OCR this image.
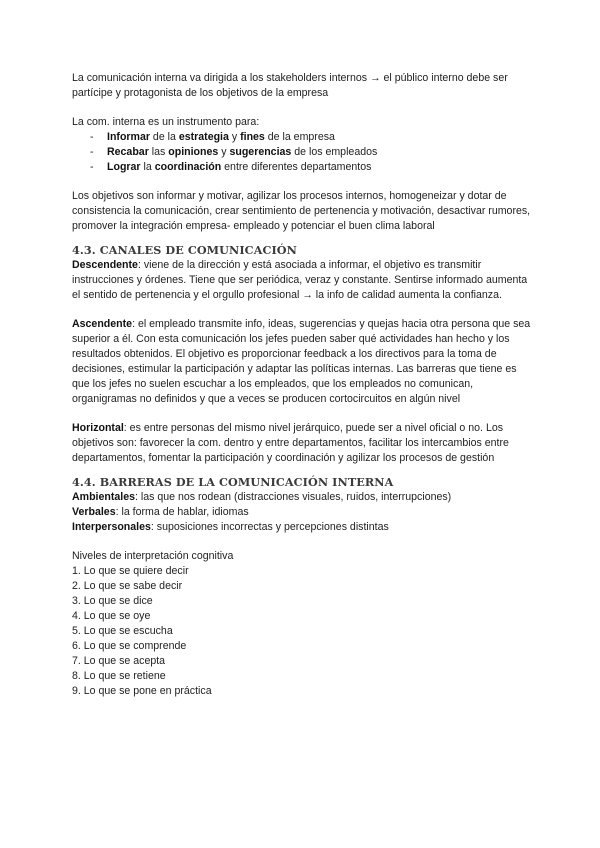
La comunicación interna va dirigida a los stakeholders internos → el público interno debe ser partícipe y protagonista de los objetivos de la empresa

La com. interna es un instrumento para:

- Informar de la estrategia y fines de la empresa
- Recabar las opiniones y sugerencias de los empleados
- Lograr la coordinación entre diferentes departamentos

Los objetivos son informar y motivar, agilizar los procesos internos, homogeneizar y dotar de consistencia la comunicación, crear sentimiento de pertenencia y motivación, desactivar rumores, promover la integración empresa- empleado y potenciar el buen clima laboral

4.3. CANALES DE COMUNICACIÓN

Descendente: viene de la dirección y está asociada a informar, el objetivo es transmitir instrucciones y órdenes. Tiene que ser periódica, veraz y constante. Sentirse informado aumenta el sentido de pertenencia y el orgullo profesional → la info de calidad aumenta la confianza.

Ascendente: el empleado transmite info, ideas, sugerencias y quejas hacia otra persona que sea superior a él. Con esta comunicación los jefes pueden saber qué actividades han hecho y los resultados obtenidos. El objetivo es proporcionar feedback a los directivos para la toma de decisiones, estimular la participación y adaptar las políticas internas. Las barreras que tiene es que los jefes no suelen escuchar a los empleados, que los empleados no comunican, organigramas no definidos y que a veces se producen cortocircuitos en algún nivel

Horizontal: es entre personas del mismo nivel jerárquico, puede ser a nivel oficial o no. Los objetivos son: favorecer la com. dentro y entre departamentos, facilitar los intercambios entre departamentos, fomentar la participación y coordinación y agilizar los procesos de gestión

4.4. BARRERAS DE LA COMUNICACIÓN INTERNA

Ambientales: las que nos rodean (distracciones visuales, ruidos, interrupciones)

Verbales: la forma de hablar, idiomas

Interpersonales: suposiciones incorrectas y percepciones distintas

Niveles de interpretación cognitiva

1. Lo que se quiere decir
2. Lo que se sabe decir
3. Lo que se dice
4. Lo que se oye
5. Lo que se escucha
6. Lo que se comprende
7. Lo que se acepta
8. Lo que se retiene
9. Lo que se pone en práctica
